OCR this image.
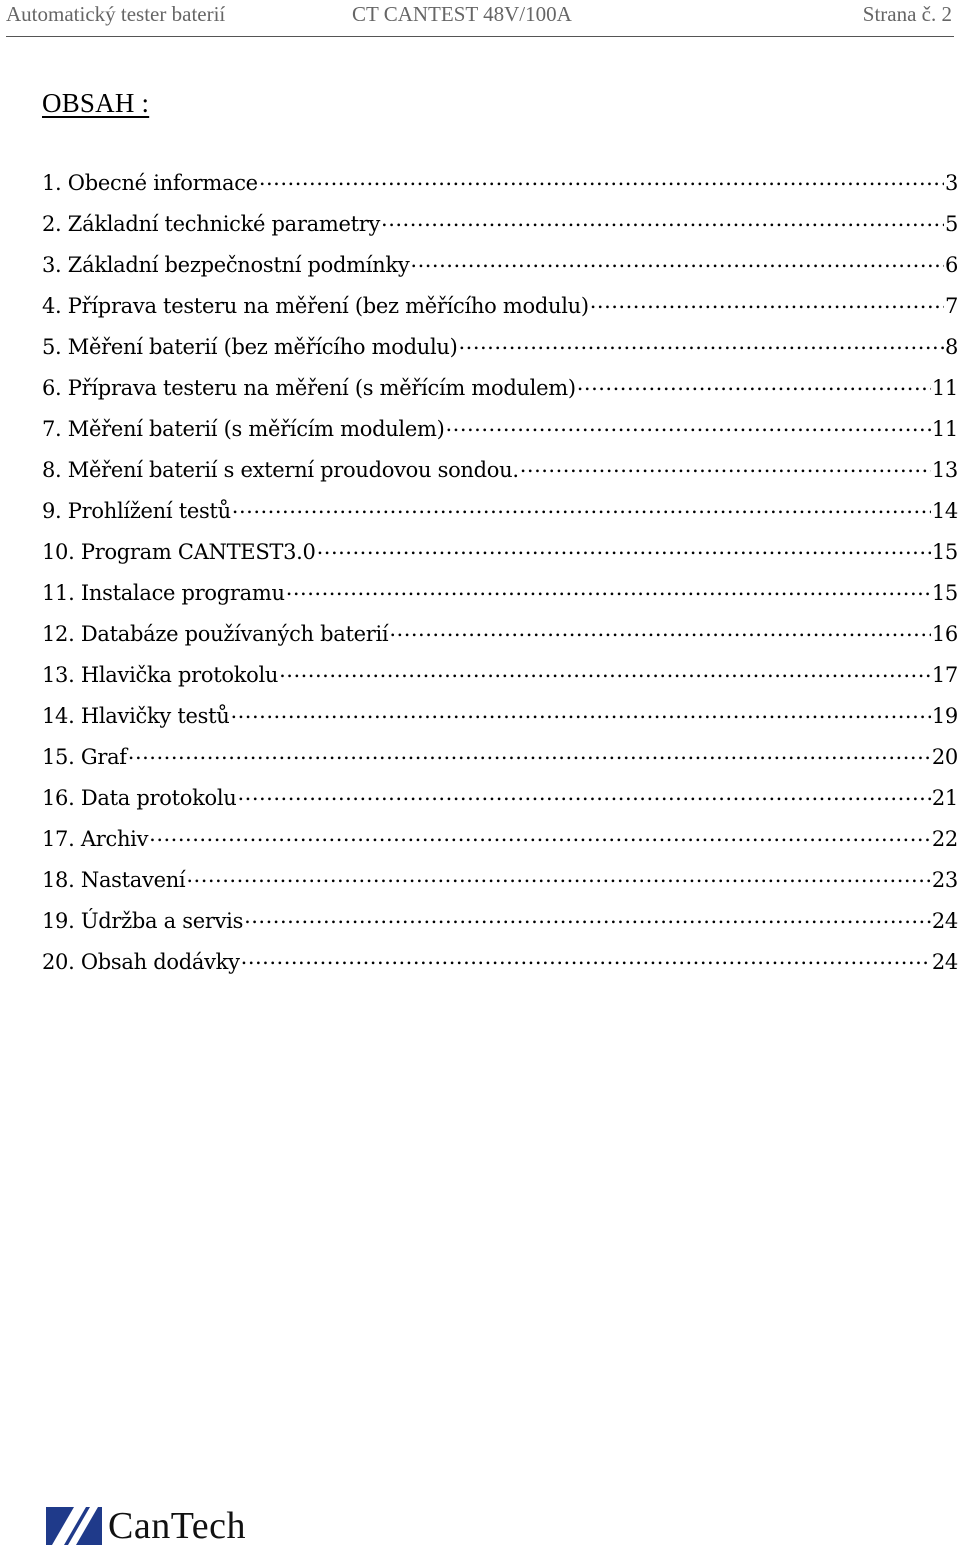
Automatický tester baterií	CT CANTEST 48V/100A	Strana č. 2
OBSAH :
1. Obecné informace .....	3
2. Základní technické parametry .....	5
3. Základní bezpečnostní podmínky .....	6
4. Příprava testeru na měření (bez měřícího modulu) .....	7
5. Měření baterií (bez měřícího modulu) .....	8
6. Příprava testeru na měření (s měřícím modulem) .....	11
7. Měření baterií (s měřícím modulem) .....	11
8. Měření baterií s externí proudovou sondou. .....	13
9. Prohlížení testů .....	14
10. Program CANTEST3.0 .....	15
11. Instalace programu .....	15
12. Databáze používaných baterií .....	16
13. Hlavička protokolu .....	17
14. Hlavičky testů .....	19
15. Graf .....	20
16. Data protokolu .....	21
17. Archiv .....	22
18. Nastavení .....	23
19. Údržba a servis .....	24
20. Obsah dodávky .....	24
CanTech
